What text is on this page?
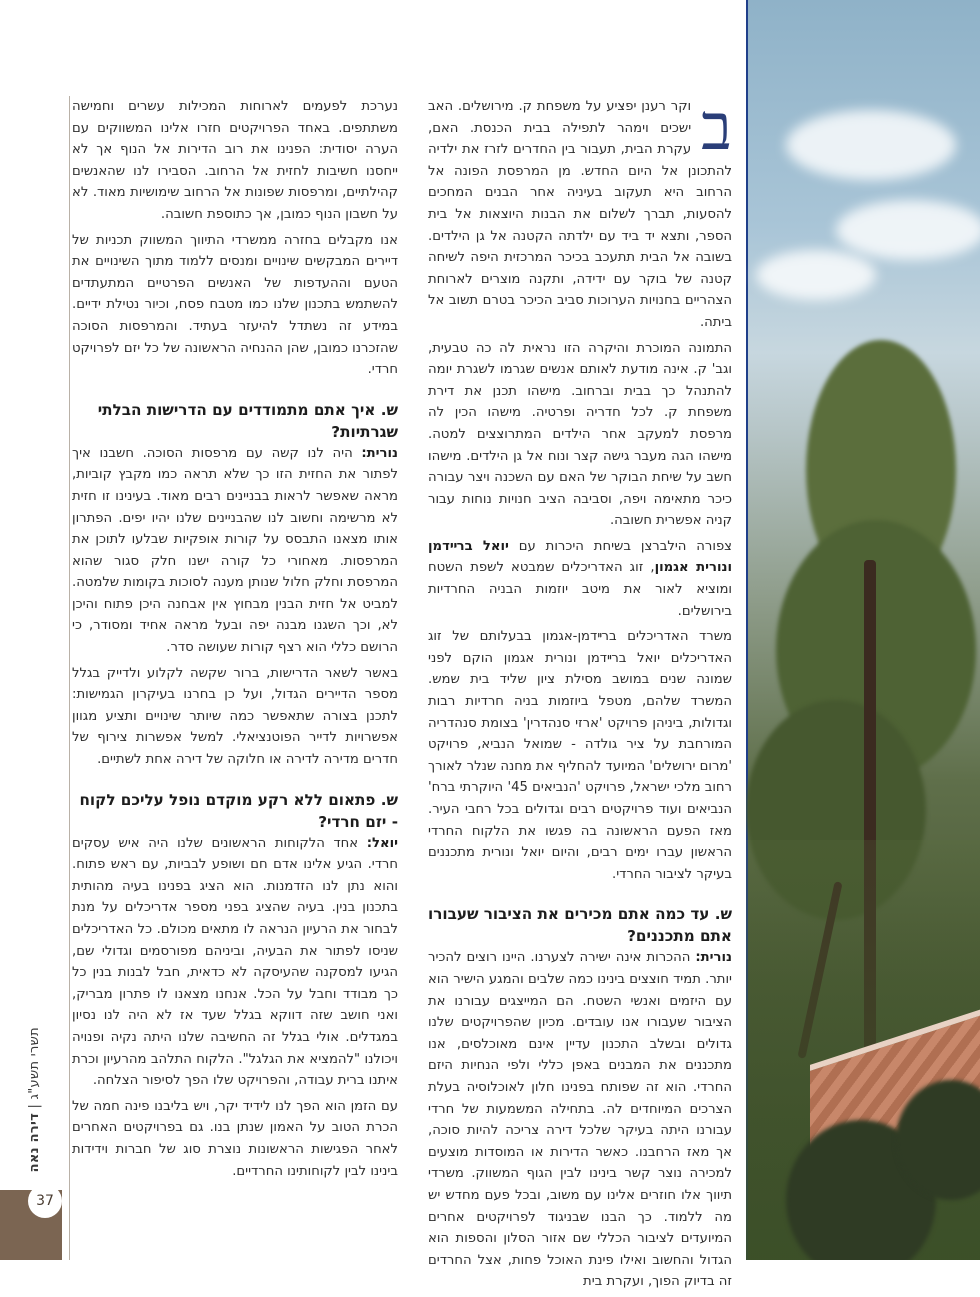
תשרי תשע"ג | דירה נאה
37

ב
וקר רענן יפציע על משפחת ק. מירושלים. האב ישכים וימהר לתפילה בבית הכנסת. האם, עקרת הבית, תעבור בין החדרים לזרז את ילדיה להתכונן אל היום החדש. מן המרפסת הפונה אל הרחוב היא תעקוב בעיניה אחר הבנים המחכים להסעות, תברך לשלום את הבנות היוצאות אל בית הספר, ותצא יד ביד עם ילדתה הקטנה אל גן הילדים. בשובה אל הבית תתעכב בכיכר המרכזית היפה לשיחה קטנה של בוקר עם ידידה, ותקנה מוצרים לארוחת הצהריים בחנויות הערוכות סביב הכיכר בטרם תשוב אל ביתה.

התמונה המוכרת והיקרה הזו נראית לה כה טבעית, וגב' ק. אינה מודעת לאותם אנשים שגרמו לשגרת יומה להתנהל כך בבית וברחוב. מישהו תכנן את דירת משפחת ק. לכל חדריה ופרטיה. מישהו הכין לה מרפסת למעקב אחר הילדים המתרוצצים למטה. מישהו הגה מעבר גישה קצר ונוח אל גן הילדים. מישהו חשב על שיחת הבוקר של האם עם השכנה ויצר עבורה כיכר מתאימה ויפה, וסביבה הציב חנויות נוחות עבור קניה אפשרית חשובה.

צפורה הילברצן בשיחת היכרות עם יואל ברײדמן ונורית אגמון, זוג האדריכלים שמבטא לשפת השטח ומוציא לאור את מיטב יוזמות הבניה החרדיות בירושלים.

משרד האדריכלים ברײדמן-אגמון בבעלותם של זוג האדריכלים יואל ברײדמן ונורית אגמון הוקם לפני שמונה שנים במושב מסילת ציון שליד בית שמש. המשרד שלהם, מטפל ביוזמות בניה חרדיות רבות וגדולות, ביניהן פרויקט 'ארזי סנהדרין' בצומת סנהדריה המורחבת על ציר גולדה - שמואל הנביא, פרויקט 'מרום ירושלים' המיועד להחליף את מחנה שנלר לאורך רחוב מלכי ישראל, פרויקט 'הנביאים 45' היוקרתי ברח' הנביאים ועוד פרויקטים רבים וגדולים בכל רחבי העיר. מאז הפעם הראשונה בה פגשו את הלקוח החרדי הראשון עברו ימים רבים, והיום יואל ונורית מתכננים בעיקר לציבור החרדי.

ש. עד כמה אתם מכירים את הציבור שעבורו אתם מתכננים?

נורית: ההכרות אינה ישירה לצערנו. היינו רוצים להכיר יותר. תמיד חוצצים בינינו כמה שלבים והמגע הישיר הוא עם היזמים ואנשי השטח. הם המייצגים עבורנו את הציבור שעבורו אנו עובדים. מכיון שהפרויקטים שלנו גדולים ובשלב התכנון עדיין אינם מאוכלסים, אנו מתכננים את המבנים באפן כללי ולפי הנחיות היזם החרדי. הוא זה שפותח בפנינו חלון לאוכלוסיה בעלת הצרכים המיוחדים לה. בתחילה המשמעות של חרדי עבורנו היתה בעיקר שלכל דירה צריכה להיות סוכה, אך מאז הרחבנו. כאשר הדירות או המוסדות מוצעים למכירה נוצר קשר בינינו לבין הגוף המשווק. משרדי תיווך אלו חוזרים אלינו עם משוב, ובכל פעם מחדש יש מה ללמוד. כך הבנו שבניגוד לפרויקטים אחרים המיועדים לציבור הכללי שם אזור הסלון והספות הוא הגדול והחשוב ואילו פינת האוכל פחות, אצל החרדים זה בדיוק הפוך, ועקרת בית

נערכת לפעמים לארוחות המכילות עשרים וחמישה משתתפים. באחד הפרויקטים חזרו אלינו המשווקים עם הערה יסודית: הפנינו את רוב הדירות אל הנוף אך לא ייחסנו חשיבות לחזית אל הרחוב. הסבירו לנו שהאנשים קהילתיים, ומרפסות שפונות אל הרחוב שימושיות מאוד. לא על חשבון הנוף כמובן, אך כתוספת חשובה.

אנו מקבלים בחזרה ממשרדי התיווך המשווק תכניות של דיירים המבקשים שינויים ומנסים ללמוד מתוך השינויים את הטעם וההעדפות של האנשים הפרטיים המתעתדים להשתמש בתכנון שלנו כמו מטבח פסח, וכיור נטילת ידיים. במידע זה נשתדל להיעזר בעתיד. והמרפסות הסוכה שהזכרנו כמובן, שהן ההנחיה הראשונה של כל יזם לפרויקט חרדי.

ש. איך אתם מתמודדים עם הדרישות הבלתי שגרתיות?

נורית: היה לנו קשה עם מרפסות הסוכה. חשבנו איך לפתור את החזית הזו כך שלא תראה כמו מקבץ קוביות, מראה שאפשר לראות בבניינים רבים מאוד. בעינינו זו חזית לא מרשימה וחשוב לנו שהבניינים שלנו יהיו יפים. הפתרון אותו מצאנו התבסס על קורות אופקיות שבלעו לתוכן את המרפסות. מאחורי כל קורה ישנו חלק סגור שהוא המרפסת וחלק חלול שנותן מענה לסוכות בקומות שלמטה. למביט אל חזית הבנין מבחוץ אין אבחנה היכן פתוח והיכן לא, וכך השגנו מבנה יפה ובעל מראה אחיד ומסודר, כי הרושם כללי הוא רצף קורות שעושה סדר.

באשר לשאר הדרישות, ברור שקשה לקלוע ולדייק בגלל מספר הדיירים הגדול, ועל כן בחרנו בעיקרון הגמישות: לתכנן בצורה שתאפשר כמה שיותר שינויים ותציע מגוון אפשרויות לדייר הפוטנציאלי. למשל אפשרות צירוף של חדרים מדירה לדירה או חלוקה של דירה אחת לשתיים.

ש. פתאום ללא רקע מוקדם נופל עליכם לקוח - יזם חרדי?

יואל: אחד הלקוחות הראשונים שלנו היה איש עסקים חרדי. הגיע אלינו אדם חם ושופע לבביות, עם ראש פתוח. והוא נתן לנו הזדמנות. הוא הציג בפנינו בעיה מהותית בתכנון בנין. בעיה שהציג בפני מספר אדריכלים על מנת לבחור את הרעיון הנראה לו מתאים מכולם. כל האדריכלים שניסו לפתור את הבעיה, וביניהם מפורסמים וגדולי שם, הגיעו למסקנה שהעיסקה לא כדאית, חבל לבנות בנין כל כך מבודד וחבל על הכל. אנחנו מצאנו לו פתרון מבריק, ואני חושב שזה דווקא בגלל שעד אז לא היה לנו נסיון במגדלים. אולי בגלל זה החשיבה שלנו היתה נקיה ופנויה ויכולנו "להמציא את הגלגל". הלקוח התלהב מהרעיון וכרת איתנו ברית עבודה, והפרויקט שלו הפך לסיפור הצלחה.

עם הזמן הוא הפך לנו לידיד יקר, ויש בליבנו פינה חמה של הכרת הטוב על האמון שנתן בנו. גם בפרויקטים האחרים לאחר הפגישות הראשונות נוצרת סוג של חברות וידידות בינינו לבין לקוחותינו החרדיים.
